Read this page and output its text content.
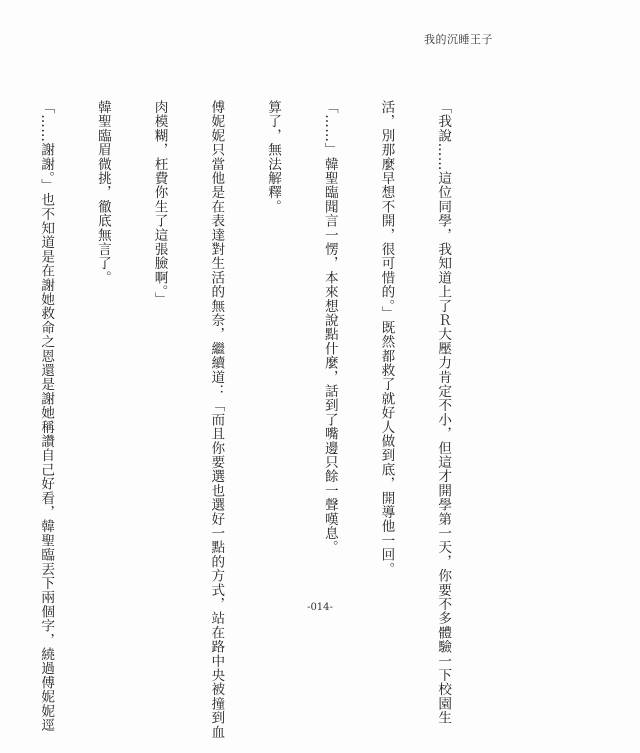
我的沉睡王子

「我說……這位同學，我知道上了Ｒ大壓力肯定不小，但這才開學第一天，你要不多體驗一下校園生

活，別那麼早想不開，很可惜的。」既然都救了就好人做到底，開導他一回。

「……」韓聖臨聞言一愣，本來想說點什麼，話到了嘴邊只餘一聲嘆息。

算了，無法解釋。

傅妮妮只當他是在表達對生活的無奈，繼續道：「而且你要選也選好一點的方式，站在路中央被撞到血

肉模糊，枉費你生了這張臉啊。」

韓聖臨眉微挑，徹底無言了。

「……謝謝。」也不知道是在謝她救命之恩還是謝她稱讚自己好看，韓聖臨丟下兩個字，繞過傅妮妮逕

	-014-
